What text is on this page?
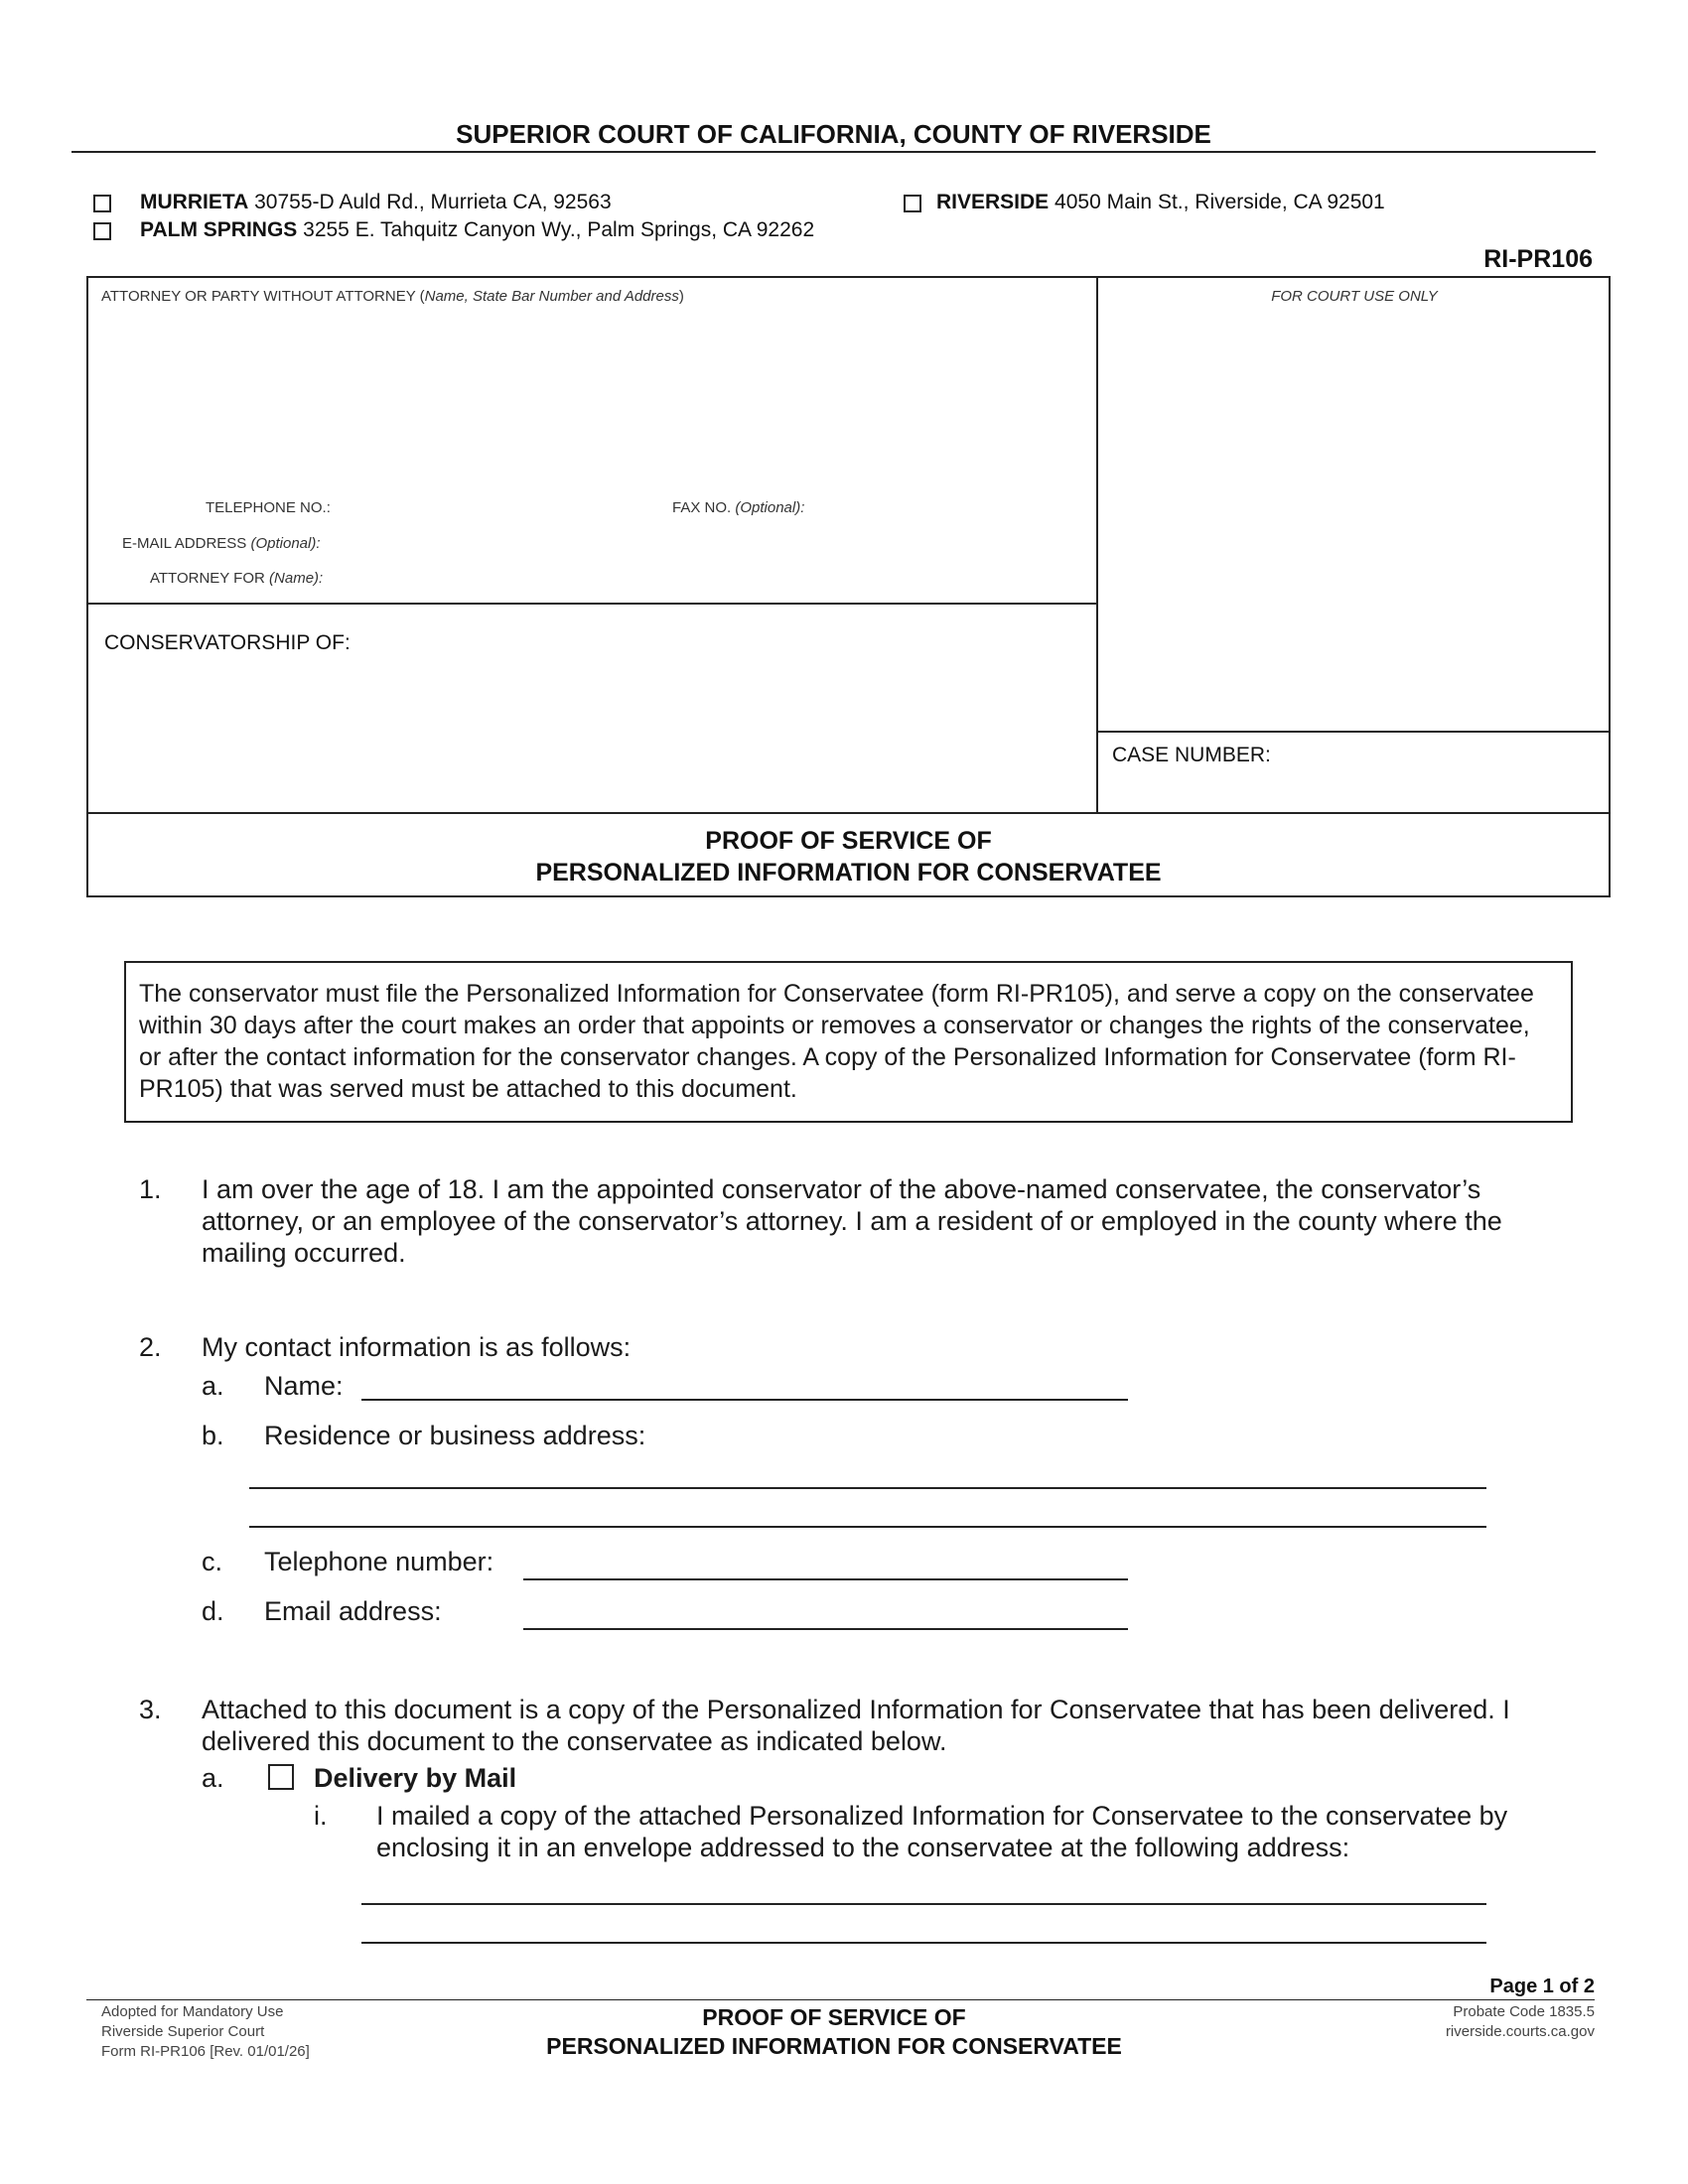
SUPERIOR COURT OF CALIFORNIA, COUNTY OF RIVERSIDE
MURRIETA 30755-D Auld Rd., Murrieta CA, 92563
PALM SPRINGS 3255 E. Tahquitz Canyon Wy., Palm Springs, CA 92262
RIVERSIDE 4050 Main St., Riverside, CA 92501
RI-PR106
ATTORNEY OR PARTY WITHOUT ATTORNEY (Name, State Bar Number and Address)	FOR COURT USE ONLY
TELEPHONE NO.:	FAX NO. (Optional):
E-MAIL ADDRESS (Optional):
ATTORNEY FOR (Name):
CONSERVATORSHIP OF:
CASE NUMBER:
PROOF OF SERVICE OF
PERSONALIZED INFORMATION FOR CONSERVATEE
The conservator must file the Personalized Information for Conservatee (form RI-PR105), and serve a copy on the conservatee within 30 days after the court makes an order that appoints or removes a conservator or changes the rights of the conservatee, or after the contact information for the conservator changes. A copy of the Personalized Information for Conservatee (form RI-PR105) that was served must be attached to this document.
1. I am over the age of 18. I am the appointed conservator of the above-named conservatee, the conservator’s attorney, or an employee of the conservator’s attorney. I am a resident of or employed in the county where the mailing occurred.
2. My contact information is as follows:
a. Name:
b. Residence or business address:
c. Telephone number:
d. Email address:
3. Attached to this document is a copy of the Personalized Information for Conservatee that has been delivered. I delivered this document to the conservatee as indicated below.
a.	Delivery by Mail
i. I mailed a copy of the attached Personalized Information for Conservatee to the conservatee by enclosing it in an envelope addressed to the conservatee at the following address:
Page 1 of 2
Adopted for Mandatory Use
Riverside Superior Court
Form RI-PR106 [Rev. 01/01/26]
PROOF OF SERVICE OF
PERSONALIZED INFORMATION FOR CONSERVATEE
Probate Code 1835.5
riverside.courts.ca.gov
